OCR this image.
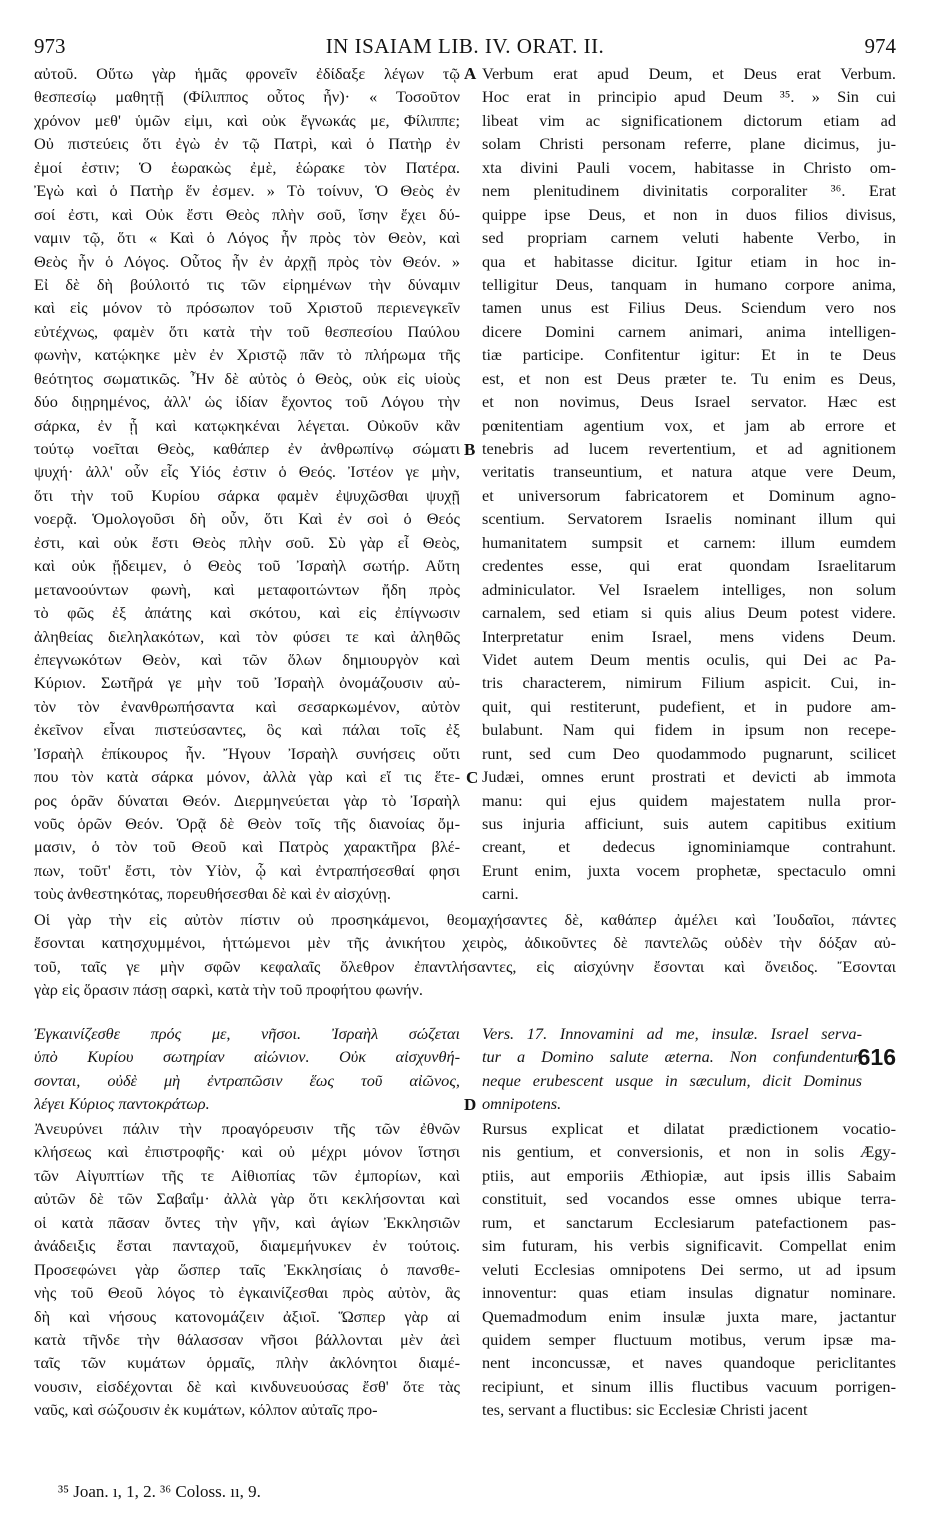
973	IN ISAIAM LIB. IV. ORAT. II.	974
αὐτοῦ. Οὕτω γὰρ ἡμᾶς φρονεῖν ἐδίδαξε λέγων τῷ
θεσπεσίῳ μαθητῇ (Φίλιππος οὗτος ἦν)· « Τοσοῦτον
χρόνον μεθ' ὑμῶν εἰμι, καὶ οὐκ ἔγνωκάς με, Φίλιππε;
Οὐ πιστεύεις ὅτι ἐγὼ ἐν τῷ Πατρὶ, καὶ ὁ Πατὴρ ἐν
ἐμοί ἐστιν; Ὁ ἑωρακὼς ἐμὲ, ἑώρακε τὸν Πατέρα.
Ἐγὼ καὶ ὁ Πατὴρ ἕν ἐσμεν. » Τὸ τοίνυν, Ὁ Θεὸς ἐν
σοί ἐστι, καὶ Οὐκ ἔστι Θεὸς πλὴν σοῦ, ἴσην ἔχει δύ-
ναμιν τῷ, ὅτι « Καὶ ὁ Λόγος ἦν πρὸς τὸν Θεὸν, καὶ
Θεὸς ἦν ὁ Λόγος. Οὗτος ἦν ἐν ἀρχῇ πρὸς τὸν Θεόν. »
Εἰ δὲ δὴ βούλοιτό τις τῶν εἰρημένων τὴν δύναμιν
καὶ εἰς μόνον τὸ πρόσωπον τοῦ Χριστοῦ περιενεγκεῖν
εὐτέχνως, φαμὲν ὅτι κατὰ τὴν τοῦ θεσπεσίου Παύλου
φωνὴν, κατῴκηκε μὲν ἐν Χριστῷ πᾶν τὸ πλήρωμα τῆς
θεότητος σωματικῶς. Ἦν δὲ αὐτὸς ὁ Θεὸς, οὐκ εἰς υἱοὺς
δύο διῃρημένος, ἀλλ' ὡς ἰδίαν ἔχοντος τοῦ Λόγου τὴν
σάρκα, ἐν ᾗ καὶ κατῳκηκέναι λέγεται. Οὐκοῦν κἂν
τούτῳ νοεῖται Θεὸς, καθάπερ ἐν ἀνθρωπίνῳ σώματι
ψυχή· ἀλλ' οὖν εἷς Υἱός ἐστιν ὁ Θεός. Ἰστέον γε μὴν,
ὅτι τὴν τοῦ Κυρίου σάρκα φαμὲν ἐψυχῶσθαι ψυχῇ
νοερᾷ. Ὁμολογοῦσι δὴ οὖν, ὅτι Καὶ ἐν σοὶ ὁ Θεός
ἐστι, καὶ οὐκ ἔστι Θεὸς πλὴν σοῦ. Σὺ γὰρ εἶ Θεὸς,
καὶ οὐκ ᾔδειμεν, ὁ Θεὸς τοῦ Ἰσραὴλ σωτήρ. Αὕτη
μετανοούντων φωνὴ, καὶ μεταφοιτώντων ἤδη πρὸς
τὸ φῶς ἐξ ἀπάτης καὶ σκότου, καὶ εἰς ἐπίγνωσιν
ἀληθείας διεληλακότων, καὶ τὸν φύσει τε καὶ ἀληθῶς
ἐπεγνωκότων Θεὸν, καὶ τῶν ὅλων δημιουργὸν καὶ
Κύριον. Σωτῆρά γε μὴν τοῦ Ἰσραὴλ ὀνομάζουσιν αὐ-
τὸν τὸν ἐνανθρωπήσαντα καὶ σεσαρκωμένον, αὐτὸν
ἐκεῖνον εἶναι πιστεύσαντες, ὃς καὶ πάλαι τοῖς ἐξ
Ἰσραὴλ ἐπίκουρος ἦν. Ἤγουν Ἰσραὴλ συνήσεις οὔτι
που τὸν κατὰ σάρκα μόνον, ἀλλὰ γὰρ καὶ εἴ τις ἕτε-
ρος ὁρᾶν δύναται Θεόν. Διερμηνεύεται γὰρ τὸ Ἰσραὴλ
νοῦς ὁρῶν Θεόν. Ὁρᾷ δὲ Θεὸν τοῖς τῆς διανοίας ὄμ-
μασιν, ὁ τὸν τοῦ Θεοῦ καὶ Πατρὸς χαρακτῆρα βλέ-
πων, τοῦτ' ἔστι, τὸν Υἱὸν, ᾧ καὶ ἐντραπήσεσθαί φησι
τοὺς ἀνθεστηκότας, πορευθήσεσθαι δὲ καὶ ἐν αἰσχύνῃ.
Verbum erat apud Deum, et Deus erat Verbum.
Hoc erat in principio apud Deum ³⁵. » Sin cui
libeat vim ac significationem dictorum etiam ad
solam Christi personam referre, plane dicimus, ju-
xta divini Pauli vocem, habitasse in Christo om-
nem plenitudinem divinitatis corporaliter ³⁶. Erat
quippe ipse Deus, et non in duos filios divisus,
sed propriam carnem veluti habente Verbo, in
qua et habitasse dicitur. Igitur etiam in hoc in-
telligitur Deus, tanquam in humano corpore anima,
tamen unus est Filius Deus. Sciendum vero nos
dicere Domini carnem animari, anima intelligen-
tiæ participe. Confitentur igitur: Et in te Deus
est, et non est Deus præter te. Tu enim es Deus,
et non novimus, Deus Israel servator. Hæc est
pœnitentiam agentium vox, et jam ab errore et
tenebris ad lucem revertentium, et ad agnitionem
veritatis transeuntium, et natura atque vere Deum,
et universorum fabricatorem et Dominum agno-
scentium. Servatorem Israelis nominant illum qui
humanitatem sumpsit et carnem: illum eumdem
credentes esse, qui erat quondam Israelitarum
adminiculator. Vel Israelem intelliges, non solum
carnalem, sed etiam si quis alius Deum potest videre.
Interpretatur enim Israel, mens videns Deum.
Videt autem Deum mentis oculis, qui Dei ac Pa-
tris characterem, nimirum Filium aspicit. Cui, in-
quit, qui restiterunt, pudefient, et in pudore am-
bulabunt. Nam qui fidem in ipsum non recepe-
runt, sed cum Deo quodammodo pugnarunt, scilicet
Judæi, omnes erunt prostrati et devicti ab immota
manu: qui ejus quidem majestatem nulla pror-
sus injuria afficiunt, suis autem capitibus exitium
creant, et dedecus ignominiamque contrahunt.
Erunt enim, juxta vocem prophetæ, spectaculo omni
carni.
A
B
C
D
Οἱ γὰρ τὴν εἰς αὐτὸν πίστιν οὐ προσηκάμενοι, θεομαχήσαντες δὲ, καθάπερ ἀμέλει καὶ Ἰουδαῖοι, πάντες
ἔσονται κατησχυμμένοι, ἡττώμενοι μὲν τῆς ἀνικήτου χειρὸς, ἀδικοῦντες δὲ παντελῶς οὐδὲν τὴν δόξαν αὐ-
τοῦ, ταῖς γε μὴν σφῶν κεφαλαῖς ὄλεθρον ἐπαντλήσαντες, εἰς αἰσχύνην ἔσονται καὶ ὄνειδος. Ἔσονται
γὰρ εἰς ὅρασιν πάσῃ σαρκὶ, κατὰ τὴν τοῦ προφήτου φωνήν.
Ἐγκαινίζεσθε πρός με, νῆσοι. Ἰσραὴλ σώζεται
ὑπὸ Κυρίου σωτηρίαν αἰώνιον. Οὐκ αἰσχυνθή-
σονται, οὐδὲ μὴ ἐντραπῶσιν ἕως τοῦ αἰῶνος,
λέγει Κύριος παντοκράτωρ.
Vers. 17. Innovamini ad me, insulæ. Israel serva-
tur a Domino salute æterna. Non confundentur,
neque erubescent usque in sæculum, dicit Dominus
omnipotens.
616
Ἀνευρύνει πάλιν τὴν προαγόρευσιν τῆς τῶν ἐθνῶν
κλήσεως καὶ ἐπιστροφῆς· καὶ οὐ μέχρι μόνον ἵστησι
τῶν Αἰγυπτίων τῆς τε Αἰθιοπίας τῶν ἐμπορίων, καὶ
αὐτῶν δὲ τῶν Σαβαΐμ· ἀλλὰ γὰρ ὅτι κεκλήσονται καὶ
οἱ κατὰ πᾶσαν ὄντες τὴν γῆν, καὶ ἁγίων Ἐκκλησιῶν
ἀνάδειξις ἔσται πανταχοῦ, διαμεμήνυκεν ἐν τούτοις.
Προσεφώνει γὰρ ὥσπερ ταῖς Ἐκκλησίαις ὁ πανσθε-
νὴς τοῦ Θεοῦ λόγος τὸ ἐγκαινίζεσθαι πρὸς αὐτὸν, ἃς
δὴ καὶ νήσους κατονομάζειν ἀξιοῖ. Ὥσπερ γὰρ αἱ
κατὰ τῆνδε τὴν θάλασσαν νῆσοι βάλλονται μὲν ἀεὶ
ταῖς τῶν κυμάτων ὁρμαῖς, πλὴν ἀκλόνητοι διαμέ-
νουσιν, εἰσδέχονται δὲ καὶ κινδυνευούσας ἔσθ' ὅτε τὰς
ναῦς, καὶ σώζουσιν ἐκ κυμάτων, κόλπον αὐταῖς προ-
Rursus explicat et dilatat prædictionem vocatio-
nis gentium, et conversionis, et non in solis Ægy-
ptiis, aut emporiis Æthiopiæ, aut ipsis illis Sabaim
constituit, sed vocandos esse omnes ubique terra-
rum, et sanctarum Ecclesiarum patefactionem pas-
sim futuram, his verbis significavit. Compellat enim
veluti Ecclesias omnipotens Dei sermo, ut ad ipsum
innoventur: quas etiam insulas dignatur nominare.
Quemadmodum enim insulæ juxta mare, jactantur
quidem semper fluctuum motibus, verum ipsæ ma-
nent inconcussæ, et naves quandoque periclitantes
recipiunt, et sinum illis fluctibus vacuum porrigen-
tes, servant a fluctibus: sic Ecclesiæ Christi jacent
³⁵ Joan. ı, 1, 2. ³⁶ Coloss. ıı, 9.
